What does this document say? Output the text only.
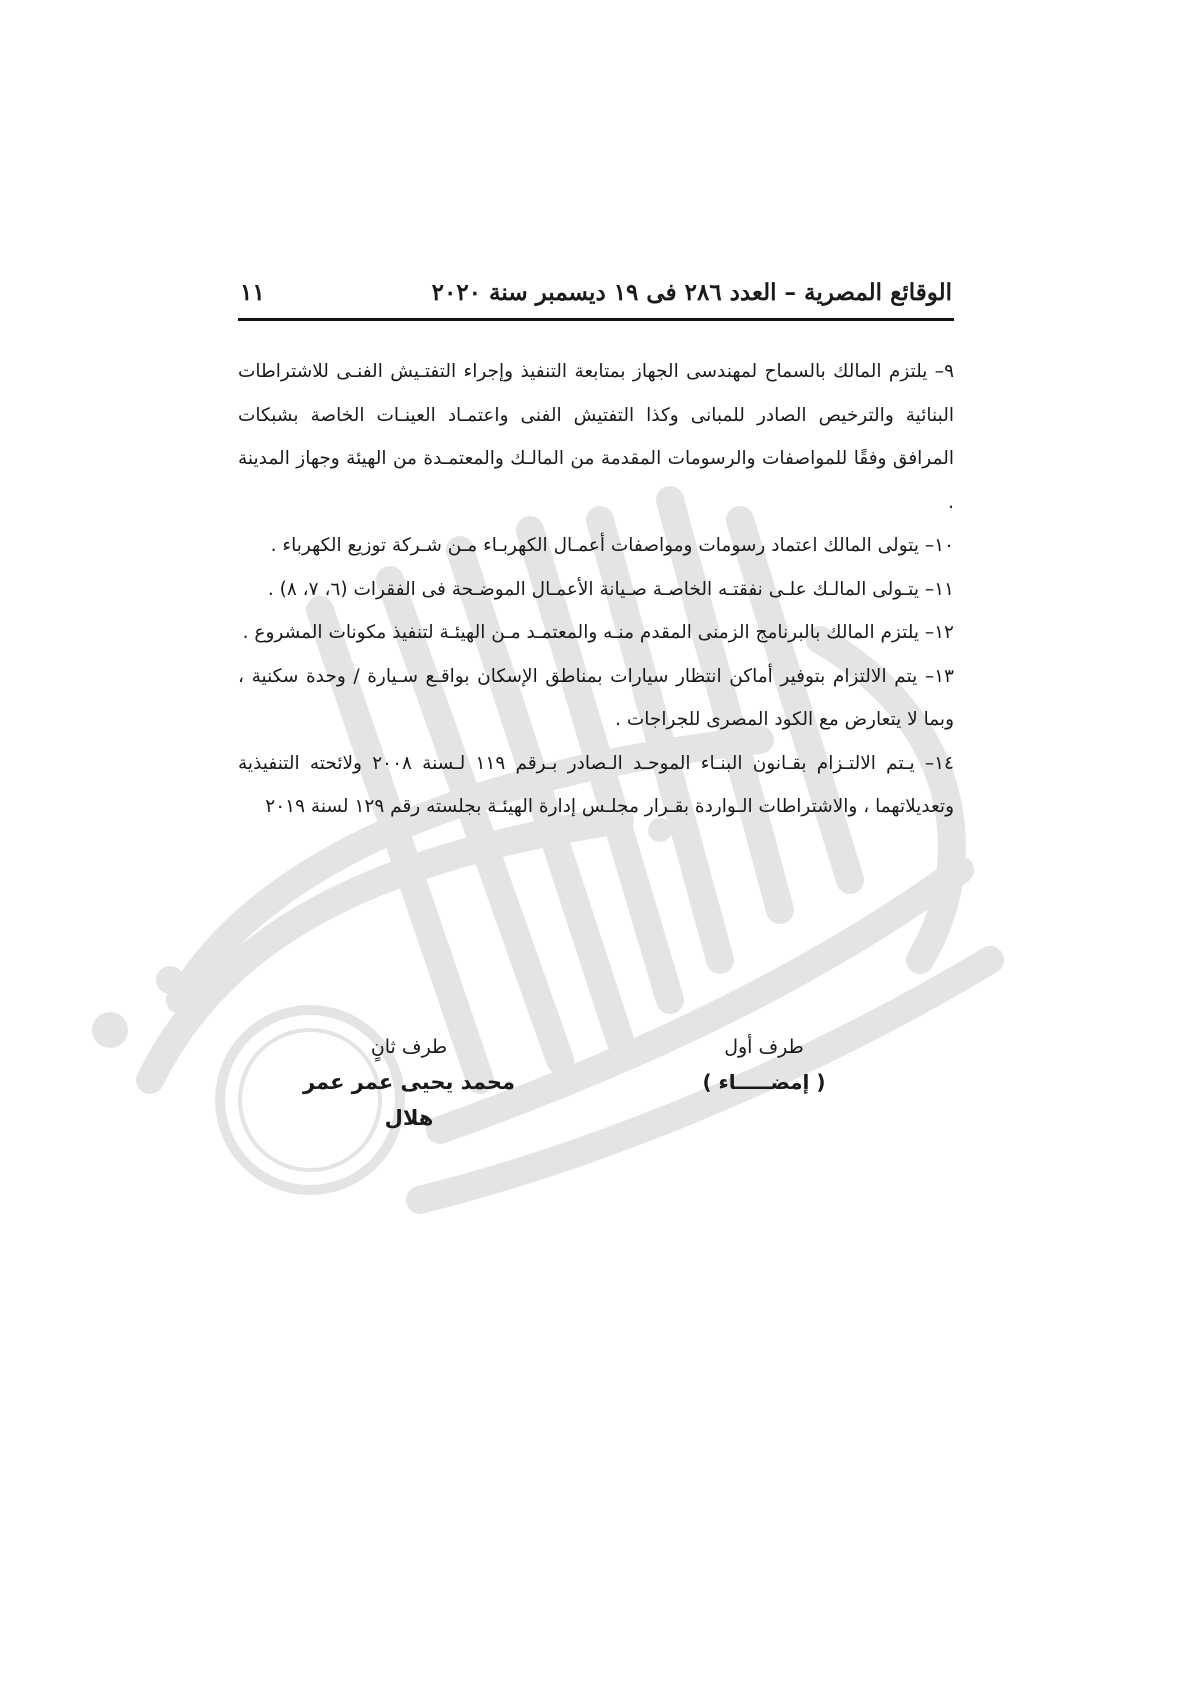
الوقائع المصرية – العدد ٢٨٦ فى ١٩ ديسمبر سنة ٢٠٢٠
١١

٩– يلتزم المالك بالسماح لمهندسى الجهاز بمتابعة التنفيذ وإجراء التفتـيش الفنـى للاشتراطات البنائية والترخيص الصادر للمبانى وكذا التفتيش الفنى واعتمـاد العينـات الخاصة بشبكات المرافق وفقًا للمواصفات والرسومات المقدمة من المالـك والمعتمـدة من الهيئة وجهاز المدينة .

١٠– يتولى المالك اعتماد رسومات ومواصفات أعمـال الكهربـاء مـن شـركة توزيع الكهرباء .

١١– يتـولى المالـك علـى نفقتـه الخاصـة صـيانة الأعمـال الموضـحة فى الفقرات (٦، ٧، ٨) .

١٢– يلتزم المالك بالبرنامج الزمنى المقدم منـه والمعتمـد مـن الهيئـة لتنفيذ مكونات المشروع .

١٣– يتم الالتزام بتوفير أماكن انتظار سيارات بمناطق الإسكان بواقـع سـيارة / وحدة سكنية ، وبما لا يتعارض مع الكود المصرى للجراجات .

١٤– يـتم الالتـزام بقـانون البنـاء الموحـد الـصادر بـرقم ١١٩ لـسنة ٢٠٠٨ ولائحته التنفيذية وتعديلاتهما ، والاشتراطات الـواردة بقـرار مجلـس إدارة الهيئـة بجلسته رقم ١٢٩ لسنة ٢٠١٩

طرف أول
( إمضـــــاء )
طرف ثانٍ
محمد يحيى عمر عمر هلال
